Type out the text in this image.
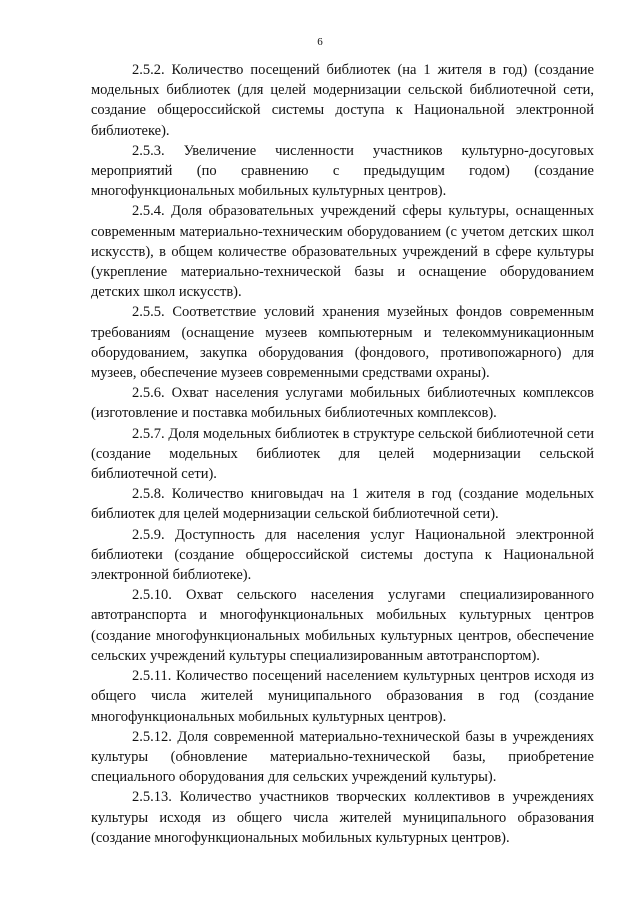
6

2.5.2. Количество посещений библиотек (на 1 жителя в год) (создание модельных библиотек (для целей модернизации сельской библиотечной сети, создание общероссийской системы доступа к Национальной электронной библиотеке).

2.5.3. Увеличение численности участников культурно-досуговых мероприятий (по сравнению с предыдущим годом) (создание многофункциональных мобильных культурных центров).

2.5.4. Доля образовательных учреждений сферы культуры, оснащенных современным материально-техническим оборудованием (с учетом детских школ искусств), в общем количестве образовательных учреждений в сфере культуры (укрепление материально-технической базы и оснащение оборудованием детских школ искусств).

2.5.5. Соответствие условий хранения музейных фондов современным требованиям (оснащение музеев компьютерным и телекоммуникационным оборудованием, закупка оборудования (фондового, противопожарного) для музеев, обеспечение музеев современными средствами охраны).

2.5.6. Охват населения услугами мобильных библиотечных комплексов (изготовление и поставка мобильных библиотечных комплексов).

2.5.7. Доля модельных библиотек в структуре сельской библиотечной сети (создание модельных библиотек для целей модернизации сельской библиотечной сети).

2.5.8. Количество книговыдач на 1 жителя в год (создание модельных библиотек для целей модернизации сельской библиотечной сети).

2.5.9. Доступность для населения услуг Национальной электронной библиотеки (создание общероссийской системы доступа к Национальной электронной библиотеке).

2.5.10. Охват сельского населения услугами специализированного автотранспорта и многофункциональных мобильных культурных центров (создание многофункциональных мобильных культурных центров, обеспечение сельских учреждений культуры специализированным автотранспортом).

2.5.11. Количество посещений населением культурных центров исходя из общего числа жителей муниципального образования в год (создание многофункциональных мобильных культурных центров).

2.5.12. Доля современной материально-технической базы в учреждениях культуры (обновление материально-технической базы, приобретение специального оборудования для сельских учреждений культуры).

2.5.13. Количество участников творческих коллективов в учреждениях культуры исходя из общего числа жителей муниципального образования (создание многофункциональных мобильных культурных центров).
